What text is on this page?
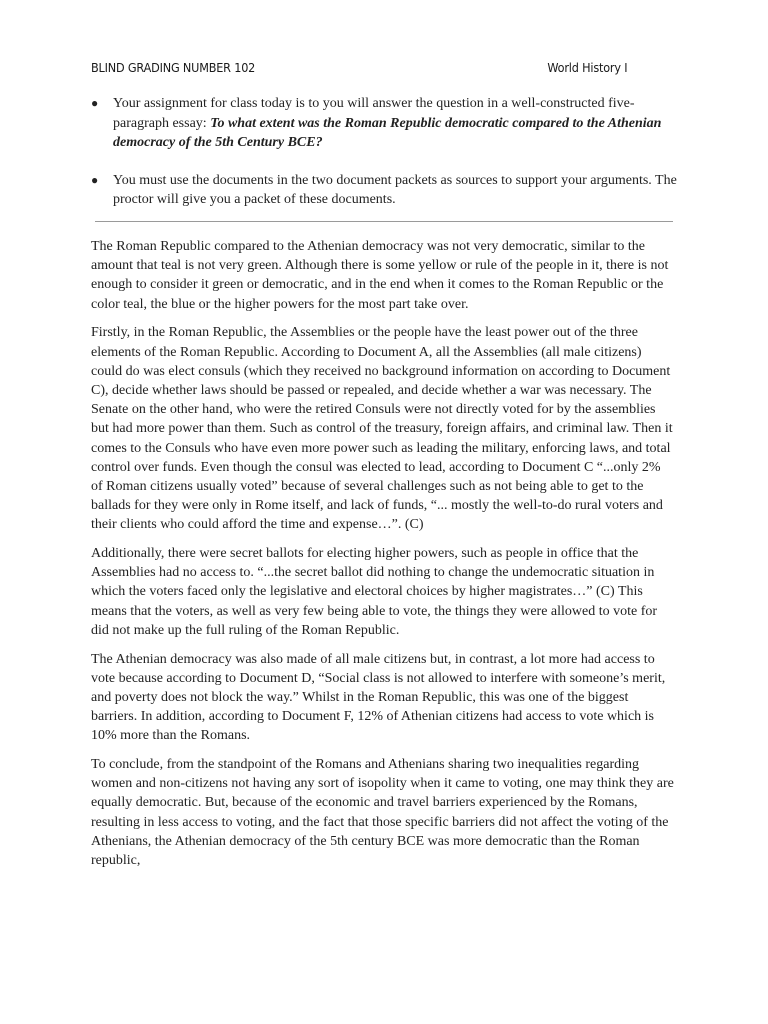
BLIND GRADING NUMBER 102	World History I
●	Your assignment for class today is to you will answer the question in a well-constructed five-paragraph essay: To what extent was the Roman Republic democratic compared to the Athenian democracy of the 5th Century BCE?
●	You must use the documents in the two document packets as sources to support your arguments. The proctor will give you a packet of these documents.

The Roman Republic compared to the Athenian democracy was not very democratic, similar to the amount that teal is not very green. Although there is some yellow or rule of the people in it, there is not enough to consider it green or democratic, and in the end when it comes to the Roman Republic or the color teal, the blue or the higher powers for the most part take over.

Firstly, in the Roman Republic, the Assemblies or the people have the least power out of the three elements of the Roman Republic. According to Document A, all the Assemblies (all male citizens) could do was elect consuls (which they received no background information on according to Document C), decide whether laws should be passed or repealed, and decide whether a war was necessary. The Senate on the other hand, who were the retired Consuls were not directly voted for by the assemblies but had more power than them. Such as control of the treasury, foreign affairs, and criminal law. Then it comes to the Consuls who have even more power such as leading the military, enforcing laws, and total control over funds. Even though the consul was elected to lead, according to Document C “...only 2% of Roman citizens usually voted” because of several challenges such as not being able to get to the ballads for they were only in Rome itself, and lack of funds, “... mostly the well-to-do rural voters and their clients who could afford the time and expense…”. (C)

Additionally, there were secret ballots for electing higher powers, such as people in office that the Assemblies had no access to. “...the secret ballot did nothing to change the undemocratic situation in which the voters faced only the legislative and electoral choices by higher magistrates…” (C) This means that the voters, as well as very few being able to vote, the things they were allowed to vote for did not make up the full ruling of the Roman Republic.

The Athenian democracy was also made of all male citizens but, in contrast, a lot more had access to vote because according to Document D, “Social class is not allowed to interfere with someone’s merit, and poverty does not block the way.” Whilst in the Roman Republic, this was one of the biggest barriers. In addition, according to Document F, 12% of Athenian citizens had access to vote which is 10% more than the Romans.

To conclude, from the standpoint of the Romans and Athenians sharing two inequalities regarding women and non-citizens not having any sort of isopolity when it came to voting, one may think they are equally democratic. But, because of the economic and travel barriers experienced by the Romans, resulting in less access to voting, and the fact that those specific barriers did not affect the voting of the Athenians, the Athenian democracy of the 5th century BCE was more democratic than the Roman republic,
